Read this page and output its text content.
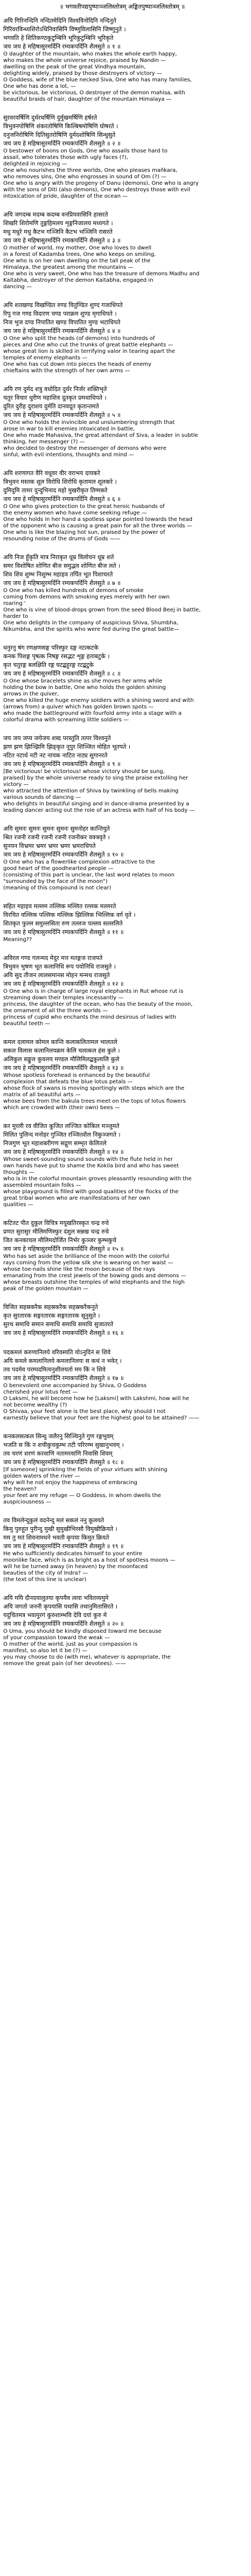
॥ भगवतीपद्यपुष्पाञ्जलिस्तोत्रम् अङ्कितपुष्पाञ्जलिस्तोत्रम् ॥
अयि गिरिनन्दिनि नन्दितमेदिनि विश्वविनोदिनि नन्दिनुते
गिरिवरविन्ध्यशिरोऽधिनिवासिनि विष्णुविलासिनि जिष्णुनुते ।
भगवति हे शितिकण्ठकुटुम्बिनि भूरिकुटुम्बिनि भूरिकृते
जय जय हे महिषासुरमर्दिनि रम्यकपर्दिनि शैलसुते ॥ १ ॥
O daughter of the mountain, who makes the whole earth happy,
who makes the whole universe rejoice, praised by Nandin —
dwelling on the peak of the great Vindhya mountain,
delighting widely, praised by those destroyers of victory —
O Goddess, wife of the blue necked Siva, One who has many families,
One who has done a lot, —
be victorious, be victorious, O destroyer of the demon mahisa, with
beautiful braids of hair, daughter of the mountain Himalaya —
सुरवरवर्षिणि दुर्धरधर्षिणि दुर्मुखमर्षिणि हर्षरते
त्रिभुवनपोषिणि शंकरतोषिणि किल्बिषमोषिणि घोषरते ।
दनुजनिरोषिणि दितिसुतरोषिणि दुर्मदशोषिणि सिन्धुसुते
जय जय हे महिषासुरमर्दिनि रम्यकपर्दिनि शैलसुते ॥ २ ॥
O bestower of boons on Gods, One who assails those hard to
assail, who tolerates those with ugly faces (?),
delighted in rejoicing —
One who nourishes the three worlds, One who pleases mañkara,
who removes sins, One who engrosses in sound of Om (?) —
One who is angry with the progeny of Danu (demons), One who is angry
with the sons of Diti (also demons), One who destroys those with evil
intoxication of pride, daughter of the ocean —
अयि जगदम्ब मदम्ब कदम्ब वनप्रियवासिनि हासरते
शिखरि शिरोमणि तुङ्गहिमलय शृङ्गनिजालय मध्यगते ।
मधु मधुरे मधु कैटभ गञ्जिनि कैटभ भञ्जिनि रासरते
जय जय हे महिषासुरमर्दिनि रम्यकपर्दिनि शैलसुते ॥ ३ ॥
O mother of world, my mother, One who loves to dwell
in a forest of Kadamba trees, One who keeps on smiling,
One who is on her own dwelling on the tall peak of the
Himalaya, the greatest among the mountains —
One who is very sweet, One who has the treasure of demons Madhu and
Kaitabha, destroyer of the demon Kaitabha, engaged in
dancing —
अयि शतखण्ड विखण्डित रुण्ड वितुण्डित शुण्द गजाधिपते
रिपु गज गण्ड विदारण चण्ड पराक्रम शुण्ड मृगाधिपते ।
निज भुज दण्ड निपातित खण्ड विपातित मुण्ड भटाधिपते
जय जय हे महिषासुरमर्दिनि रम्यकपर्दिनि शैलसुते ॥ ४ ॥
O One who split the heads (of demons) into hundreds of
pieces and One who cut the trunks of great battle elephants —
whose great lion is skilled in terrifying valor in tearing apart the
temples of enemy elephants —
One who has cut down into pieces the heads of enemy
chieftains with the strength of her own arms —
अयि रण दुर्मद शत्रु वधोदित दुर्धर निर्जर शक्तिभृते
चतुर विचार धुरीण महाशिव दूतकृत प्रमथाधिपते ।
दुरित दुरीह दुराशय दुर्मति दानवदूत कृतान्तमते
जय जय हे महिषासुरमर्दिनि रम्यकपर्दिनि शैलसुते ॥ ५ ॥
O One who holds the invincible and unslumbering strength that
arose in war to kill enemies intoxicated in battle,
One who made Mahasiva, the great attendant of Siva, a leader in subtle
thinking, her messenger (?) —
who decided to destroy the messenger of demons who were
sinful, with evil intentions, thoughts and mind —
अयि शरणागत वैरि वधूवर वीर वराभय दायकरे
त्रिभुवन मस्तक शूल विरोधि शिरोधि कृतामल शूलकरे ।
दुमिदुमि तामर दुन्दुभिनाद महो मुखरीकृत तिग्मकरे
जय जय हे महिषासुरमर्दिनि रम्यकपर्दिनि शैलसुते ॥ ६ ॥
O One who gives protection to the great heroic husbands of
the enemy women who have come seeking refuge —
One who holds in her hand a spotless spear pointed towards the head
of the opponent who is causing a great pain for all the three worlds —
One who is like the blazing hot sun, praised by the power of
resounding noise of the drums of Gods ——
अयि निज हुँकृति मात्र निराकृत धूम्र विलोचन धूम्र शते
समर विशोषित शोणित बीज समुद्भव शोणित बीज लते ।
शिव शिव शुम्भ निशुम्भ महाहव तर्पित भूत पिशाचरते
जय जय हे महिषासुरमर्दिनि रम्यकपर्दिनि शैलसुते ॥ ७ ॥
O One who has killed hundreds of demons of smoke
coming from demons with smoking eyes merely with her own
roaring '
One who is vine of blood-drops grown from the seed Blood Beej in battle,
harder to
One who delights in the company of auspicious Shiva, Shumbha,
Nikumbha, and the spirits who were fed during the great battle—
धनुरनु षंग रणक्षणसङ्ग परिस्फुर दङ्ग नटत्कटके
कनक पिशङ्ग पृषत्क निषङ्ग रसद्भट शृङ्ग हताबटुके ।
कृत चतुरङ्ग बलक्षिति रङ्ग घटद्बहुरङ्ग रटद्बटुके
जय जय हे महिषासुरमर्दिनि रम्यकपर्दिनि शैलसुते ॥ ८ ॥
O One whose bracelets shine as she moves her arms while
holding the bow in battle, One who holds the golden shining
arrows in the quiver,
One who killed the huge enemy soldiers with a shining sword and with
(arrows from) a quiver which has golden brown spots —
who made the battleground with fourfold army into a stage with a
colorful drama with screaming little soldiers —
जय जय जप्य जयेजय शब्द परस्तुति तत्पर विश्वनुते
झण झण झिञ्झिमि झिङ्कृत नूपुर शिञ्जित मोहित भूतपते ।
नटित नटार्ध नटी नट नायक नाटित नाट्य सुगानरते
जय जय हे महिषासुरमर्दिनि रम्यकपर्दिनि शैलसुते ॥ ९ ॥
[Be victorious! be victorious! whose victory should be sung,
praised] by the whole universe ready to sing the praise extolling her
victory —
who attracted the attention of Shiva by twinkling of bells making
various sounds of dancing —
who delights in beautiful singing and in dance-drama presented by a
leading dancer acting out the role of an actress with half of his body —
अयि सुमनः सुमनः सुमनः सुमनः सुमनोहर कान्तियुते
श्रित रजनी रजनी रजनी रजनी रजनीकर वक्त्रवृते ।
सुनयन विभ्रमर भ्रमर भ्रमर भ्रमर भ्रमराधिपते
जय जय हे महिषासुरमर्दिनि रम्यकपर्दिनि शैलसुते ॥ १० ॥
O One who has a flowerlike complexion attractive to the
good heart of the goodhearted people —
(consisting of this part is unclear, the last word relates to moon
"surrounded by the face of the moon")
(meaning of this compound is not clear)
सहित महाहव मल्लम तल्लिक मल्लित रल्लक मल्लरते
विरचित वल्लिक पल्लिक मल्लिक झिल्लिक भिल्लिक वर्ग वृते ।
शितकृत फुल्ल समुल्लसिता रुण तल्लज पल्लव सल्ललिते
जय जय हे महिषासुरमर्दिनि रम्यकपर्दिनि शैलसुते ॥ ११ ॥
Meaning??
अविरल गण्ड गलन्मद मेदुर मत्त मतङ्गज राजपते
त्रिभुवन भुषण भूत कलानिधि रूप पयोनिधि राजसुते ।
अयि सुद तीजन लालसमानस मोहन मन्मथ राजसुते
जय जय हे महिषासुरमर्दिनि रम्यकपर्दिनि शैलसुते ॥ १२ ॥
O One who is in charge of large royal elephants in Rut whose rut is
streaming down their temples incessantly —
princess, the daughter of the ocean, who has the beauty of the moon,
the ornament of all the three worlds —
princess of cupid who enchants the mind desirous of ladies with
beautiful teeth —
कमल दलामल कोमल कान्ति कलाकलितामल भालतले
सकल विलास कलानिलयक्रम केलि चलत्कल हंस कुले ।
अलिकुल सङ्कुल कुवलय मण्डल मौलिमिलद्बकुलालि कुले
जय जय हे महिषासुरमर्दिनि रम्यकपर्दिनि शैलसुते ॥ १३ ॥
Whose spotless forehead is enhanced by the beautiful
complexion that defeats the blue lotus petals —
whose flock of swans is moving sportingly with steps which are the
matrix of all beautiful arts —
whose bees from the bakula trees meet on the tops of lotus flowers
which are crowded with (their own) bees —
कर मुरली रव वीजित कूजित लज्जित कोकिल मञ्जुमते
मिलित पुलिन्द मनोहर गुञ्जित रञ्जितशैल निकुञ्जगते ।
निजगुण भूत महाशबरीगण सद्गुण सम्भृत केलितले
जय जय हे महिषासुरमर्दिनि रम्यकपर्दिनि शैलसुते ॥ १४ ॥
Whose sweet-sounding sound sounds with the flute held in her
own hands have put to shame the Kokila bird and who has sweet
thoughts —
who is in the colorful mountain groves pleasantly resounding with the
assembled mountain folks —
whose playground is filled with good qualities of the flocks of the
great tribal women who are manifestations of her own
qualities —
कटितट पीत दुकूल विचित्र मयूखतिरस्कृत चन्द्र रुचे
प्रणत सुरासुर मौलिमणिस्फुर दंशुल सन्नख चन्द्र रुचे
जित कनकाचल मौलिमदोर्जित निर्भर कुञ्जर कुम्भकुचे
जय जय हे महिषासुरमर्दिनि रम्यकपर्दिनि शैलसुते ॥ १५ ॥
Who has set aside the brilliance of the moon with the colorful
rays coming from the yellow silk she is wearing on her waist —
whose toe-nails shine like the moon because of the rays
emanating from the crest jewels of the bowing gods and demons —
whose breasts outshine the temples of wild elephants and the high
peak of the golden mountain —
विजित सहस्रकरैक सहस्रकरैक सहस्रकरैकनुते
कृत सुरतारक सङ्गरतारक सङ्गरतारक सूनुसुते ।
सुरथ समाधि समान समाधि समाधि समाधि सुजातरते
जय जय हे महिषासुरमर्दिनि रम्यकपर्दिनि शैलसुते ॥ १६ ॥
पदकमलं करुणानिलये वरिवस्यति योऽनुदिनं स शिवे
अयि कमले कमलानिलये कमलानिलयः स कथं न भवेत् ।
तव पदमेव परम्पदमित्यनुशीलयतो मम किं न शिवे
जय जय हे महिषासुरमर्दिनि रम्यकपर्दिनि शैलसुते ॥ १७ ॥
O benevolent one accompanied by Shiva, O Goddess
cherished your lotus feet —
O Laksmi, he will become how he [Laksmi] with Lakshmi, how will he
not become wealthy (?)
O Shivaa, your feet alone is the best place, why should I not
earnestly believe that your feet are the highest goal to be attained? ——
कनकलसत्कल सिन्धु जलैरनु सिञ्चिनुते गुण रङ्गभुवम्
भजति स किं न शचीकुचकुम्भ तटी परिरम्भ सुखानुभवम् ।
तव चरणं शरणं करवाणि नतामरवाणि निवासि शिवम्
जय जय हे महिषासुरमर्दिनि रम्यकपर्दिनि शैलसुते ॥ १८ ॥
[If someone] sprinkling the fields of your virtues with shining
golden waters of the river —
why will he not enjoy the happiness of embracing
the heaven?
your feet are my refuge — O Goddess, in whom dwells the
auspiciousness —
तव विमलेन्दुकुलं वदनेन्दु मलं सकलं ननु कूलयते
किमु पुरुहूत पुरीन्दु मुखी सुमुखीभिरसौ विमुखीक्रियते ।
मम तु मतं शिवनामधने भवती कृपया किमुत क्रियते
जय जय हे महिषासुरमर्दिनि रम्यकपर्दिनि शैलसुते ॥ १९ ॥
He who sufficiently dedicates himself to your entire
moonlike face, which is as bright as a host of spotless moons —
will he be turned away (in heaven) by the moonfaced
beauties of the city of Indra? —
(the text of this line is unclear)
अयि मयि दीनदयालुतया कृपयैव त्वया भवितव्यमुमे
अयि जगतो जननी कृपयासि यथासि तथानुमितासिरते ।
यदुचितमत्र भवत्पुरगं कुरुशाम्भवि देवि दयां कुरु मे
जय जय हे महिषासुरमर्दिनि रम्यकपर्दिनि शैलसुते ॥ २० ॥
O Uma, you should be kindly disposed toward me because
of your compassion toward the weak —
O mother of the world, just as your compassion is
manifest, so also let it be (?) —
you may choose to do (with me), whatever is appropriate, the
remove the great pain (of her devotees). ——
